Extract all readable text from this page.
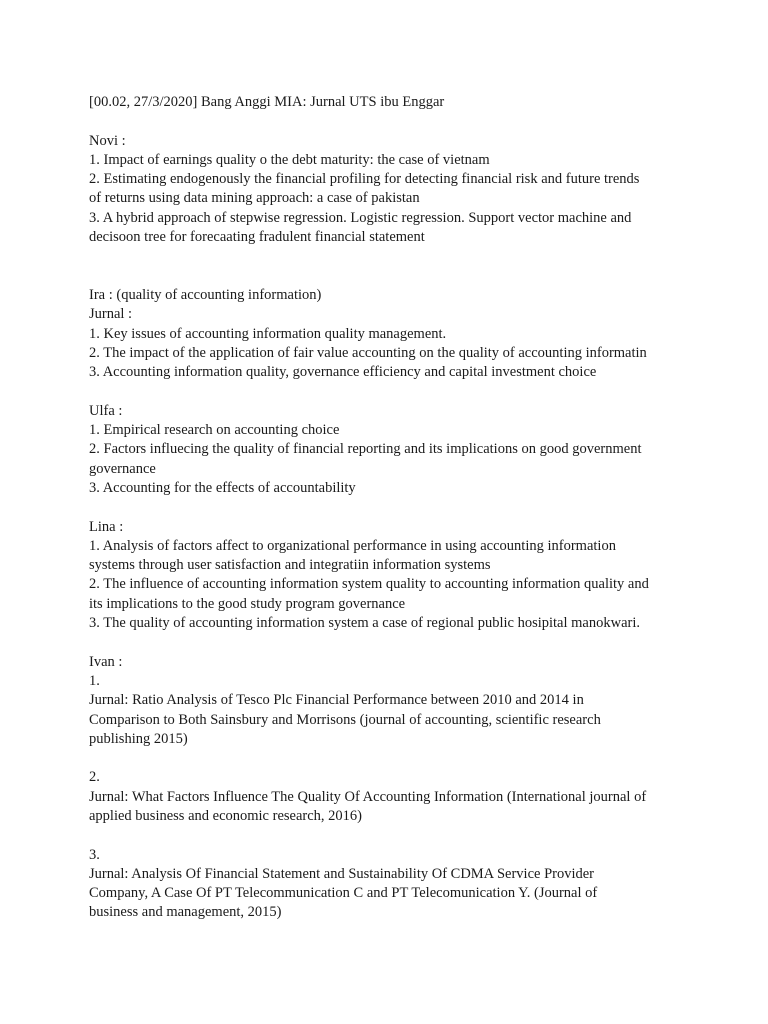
[00.02, 27/3/2020] Bang Anggi MIA: Jurnal UTS ibu Enggar
Novi :
1. Impact of earnings quality o the debt maturity: the case of vietnam
2. Estimating endogenously the financial profiling for detecting financial risk and future trends
of returns using data mining approach: a case of pakistan
3. A hybrid approach of stepwise regression. Logistic regression. Support vector machine and
decisoon tree for forecaating fradulent financial statement
Ira : (quality of accounting information)
Jurnal :
1. Key issues of accounting information quality management.
2. The impact of the application of fair value accounting on the quality of accounting informatin
3. Accounting information quality, governance efficiency and capital investment choice
Ulfa :
1. Empirical research on accounting choice
2. Factors influecing the quality of financial reporting and its implications on good government
governance
3. Accounting for the effects of accountability
Lina :
1. Analysis of factors affect to organizational performance in using accounting information
systems through user satisfaction and integratiin information systems
2. The influence of accounting information system quality to accounting information quality and
its implications to the good study program governance
3. The quality of accounting information system a case of regional public hosipital manokwari.
Ivan :
1.
Jurnal: Ratio Analysis of Tesco Plc Financial Performance between 2010 and 2014 in
Comparison to Both Sainsbury and Morrisons (journal of accounting, scientific research
publishing 2015)
2.
Jurnal: What Factors Influence The Quality Of Accounting Information (International journal of
applied business and economic research, 2016)
3.
Jurnal: Analysis Of Financial Statement and Sustainability Of CDMA Service Provider
Company, A Case Of PT Telecommunication C and PT Telecomunication Y. (Journal of
business and management, 2015)
